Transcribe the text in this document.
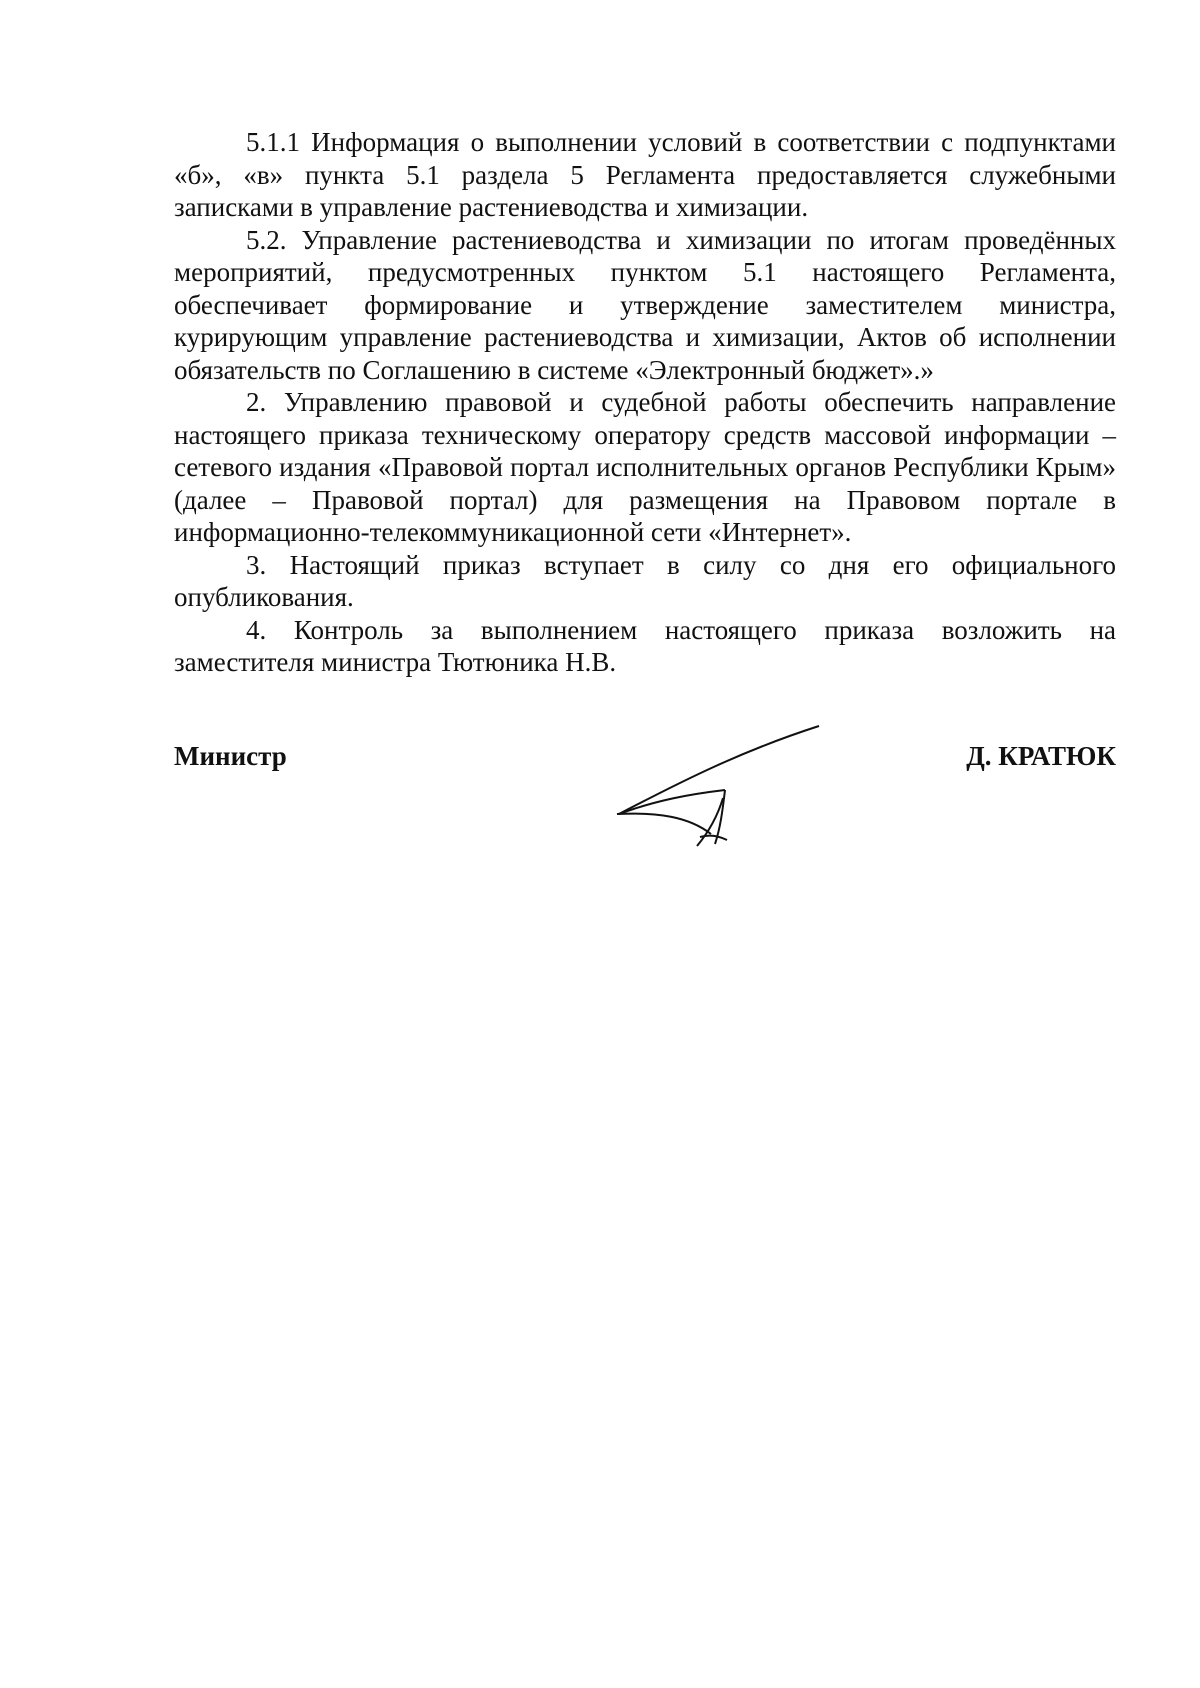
5.1.1 Информация о выполнении условий в соответствии с подпунктами «б», «в» пункта 5.1 раздела 5 Регламента предоставляется служебными записками в управление растениеводства и химизации.

5.2. Управление растениеводства и химизации по итогам проведённых мероприятий, предусмотренных пунктом 5.1 настоящего Регламента, обеспечивает формирование и утверждение заместителем министра, курирующим управление растениеводства и химизации, Актов об исполнении обязательств по Соглашению в системе «Электронный бюджет».»

2. Управлению правовой и судебной работы обеспечить направление настоящего приказа техническому оператору средств массовой информации – сетевого издания «Правовой портал исполнительных органов Республики Крым» (далее – Правовой портал) для размещения на Правовом портале в информационно-телекоммуникационной сети «Интернет».

3. Настоящий приказ вступает в силу со дня его официального опубликования.

4. Контроль за выполнением настоящего приказа возложить на заместителя министра Тютюника Н.В.

Министр	Д. КРАТЮК
